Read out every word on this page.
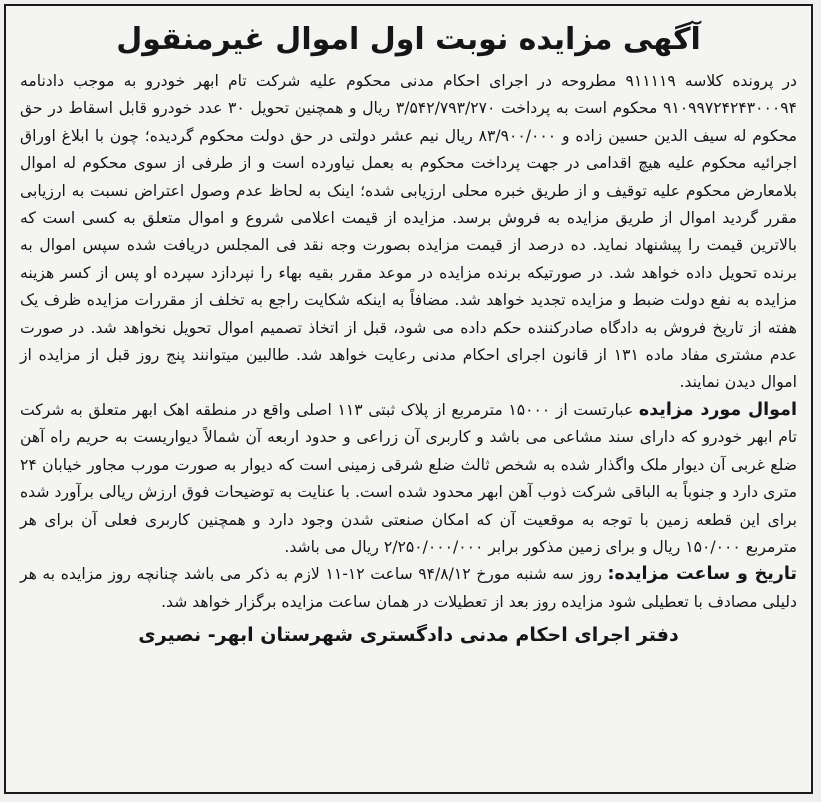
آگهی مزایده نوبت اول اموال غیرمنقول

در پرونده کلاسه ۹۱۱۱۱۹ مطروحه در اجرای احکام مدنی محکوم علیه شرکت تام ابهر خودرو به موجب دادنامه ۹۱۰۹۹۷۲۴۲۴۳۰۰۰۹۴ محکوم است به پرداخت ۳/۵۴۲/۷۹۳/۲۷۰ ریال و همچنین تحویل ۳۰ عدد خودرو قابل اسقاط در حق محکوم له سیف الدین حسین زاده و ۸۳/۹۰۰/۰۰۰ ریال نیم عشر دولتی در حق دولت محکوم گردیده؛ چون با ابلاغ اوراق اجرائیه محکوم علیه هیچ اقدامی در جهت پرداخت محکوم به بعمل نیاورده است و از طرفی از سوی محکوم له اموال بلامعارض محکوم علیه توقیف و از طریق خبره محلی ارزیابی شده؛ اینک به لحاظ عدم وصول اعتراض نسبت به ارزیابی مقرر گردید اموال از طریق مزایده به فروش برسد. مزایده از قیمت اعلامی شروع و اموال متعلق به کسی است که بالاترین قیمت را پیشنهاد نماید. ده درصد از قیمت مزایده بصورت وجه نقد فی المجلس دریافت شده سپس اموال به برنده تحویل داده خواهد شد. در صورتیکه برنده مزایده در موعد مقرر بقیه بهاء را نپردازد سپرده او پس از کسر هزینه مزایده به نفع دولت ضبط و مزایده تجدید خواهد شد. مضافاً به اینکه شکایت راجع به تخلف از مقررات مزایده ظرف یک هفته از تاریخ فروش به دادگاه صادرکننده حکم داده می شود، قبل از اتخاذ تصمیم اموال تحویل نخواهد شد. در صورت عدم مشتری مفاد ماده ۱۳۱ از قانون اجرای احکام مدنی رعایت خواهد شد. طالبین میتوانند پنج روز قبل از مزایده از اموال دیدن نمایند.

اموال مورد مزایده عبارتست از ۱۵۰۰۰ مترمربع از پلاک ثبتی ۱۱۳ اصلی واقع در منطقه اهک ابهر متعلق به شرکت تام ابهر خودرو که دارای سند مشاعی می باشد و کاربری آن زراعی و حدود اربعه آن شمالاً دیواریست به حریم راه آهن ضلع غربی آن دیوار ملک واگذار شده به شخص ثالث ضلع شرقی زمینی است که دیوار به صورت مورب مجاور خیابان ۲۴ متری دارد و جنوباً به الباقی شرکت ذوب آهن ابهر محدود شده است. با عنایت به توضیحات فوق ارزش ریالی برآورد شده برای این قطعه زمین با توجه به موقعیت آن که امکان صنعتی شدن وجود دارد و همچنین کاربری فعلی آن برای هر مترمربع ۱۵۰/۰۰۰ ریال و برای زمین مذکور برابر ۲/۲۵۰/۰۰۰/۰۰۰ ریال می باشد.

تاریخ و ساعت مزایده: روز سه شنبه مورخ ۹۴/۸/۱۲ ساعت ۱۲-۱۱ لازم به ذکر می باشد چنانچه روز مزایده به هر دلیلی مصادف با تعطیلی شود مزایده روز بعد از تعطیلات در همان ساعت مزایده برگزار خواهد شد.

دفتر اجرای احکام مدنی دادگستری شهرستان ابهر- نصیری
